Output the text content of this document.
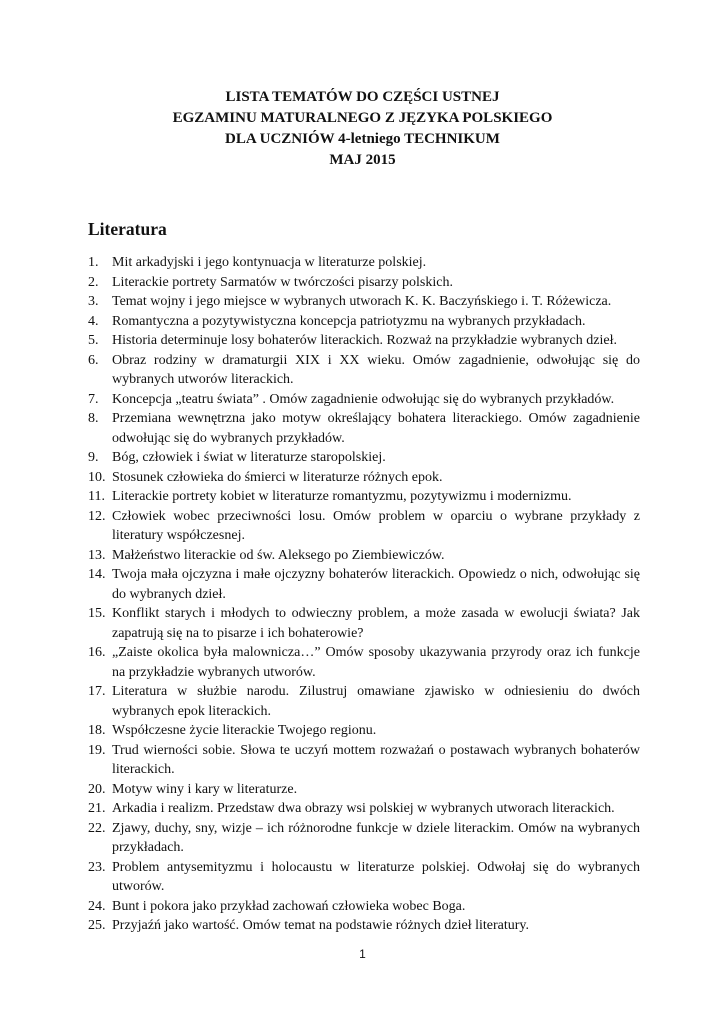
LISTA TEMATÓW DO CZĘŚCI USTNEJ
EGZAMINU MATURALNEGO Z JĘZYKA POLSKIEGO
DLA UCZNIÓW 4-letniego TECHNIKUM
MAJ 2015
Literatura
1. Mit arkadyjski i jego kontynuacja w literaturze polskiej.
2. Literackie portrety Sarmatów w twórczości pisarzy polskich.
3. Temat wojny i jego miejsce w wybranych utworach K. K. Baczyńskiego i. T. Różewicza.
4. Romantyczna a pozytywistyczna koncepcja patriotyzmu na wybranych przykładach.
5. Historia determinuje losy bohaterów literackich. Rozważ na przykładzie wybranych dzieł.
6. Obraz rodziny w dramaturgii XIX i XX wieku. Omów zagadnienie, odwołując się do wybranych utworów literackich.
7. Koncepcja „teatru świata” . Omów zagadnienie odwołując się do wybranych przykładów.
8. Przemiana wewnętrzna jako motyw określający bohatera literackiego. Omów zagadnienie odwołując się do wybranych przykładów.
9. Bóg, człowiek i świat w literaturze staropolskiej.
10. Stosunek człowieka do śmierci w literaturze różnych epok.
11. Literackie portrety kobiet w literaturze romantyzmu, pozytywizmu i modernizmu.
12. Człowiek wobec przeciwności losu. Omów problem w oparciu o wybrane przykłady z literatury współczesnej.
13. Małżeństwo literackie od św. Aleksego po Ziembiewiczów.
14. Twoja mała ojczyzna i małe ojczyzny bohaterów literackich. Opowiedz o nich, odwołując się do wybranych dzieł.
15. Konflikt starych i młodych to odwieczny problem, a może zasada w ewolucji świata? Jak zapatrują się na to pisarze i ich bohaterowie?
16. „Zaiste okolica była malownicza…” Omów sposoby ukazywania przyrody oraz ich funkcje na przykładzie wybranych utworów.
17. Literatura w służbie narodu. Zilustruj omawiane zjawisko w odniesieniu do dwóch wybranych epok literackich.
18. Współczesne życie literackie Twojego regionu.
19. Trud wierności sobie. Słowa te uczyń mottem rozważań o postawach wybranych bohaterów literackich.
20. Motyw winy i kary w literaturze.
21. Arkadia i realizm. Przedstaw dwa obrazy wsi polskiej w wybranych utworach literackich.
22. Zjawy, duchy, sny, wizje – ich różnorodne funkcje w dziele literackim. Omów na wybranych przykładach.
23. Problem antysemityzmu i holocaustu w literaturze polskiej. Odwołaj się do wybranych utworów.
24. Bunt i pokora jako przykład zachowań człowieka wobec Boga.
25. Przyjaźń jako wartość. Omów temat na podstawie różnych dzieł literatury.
1
